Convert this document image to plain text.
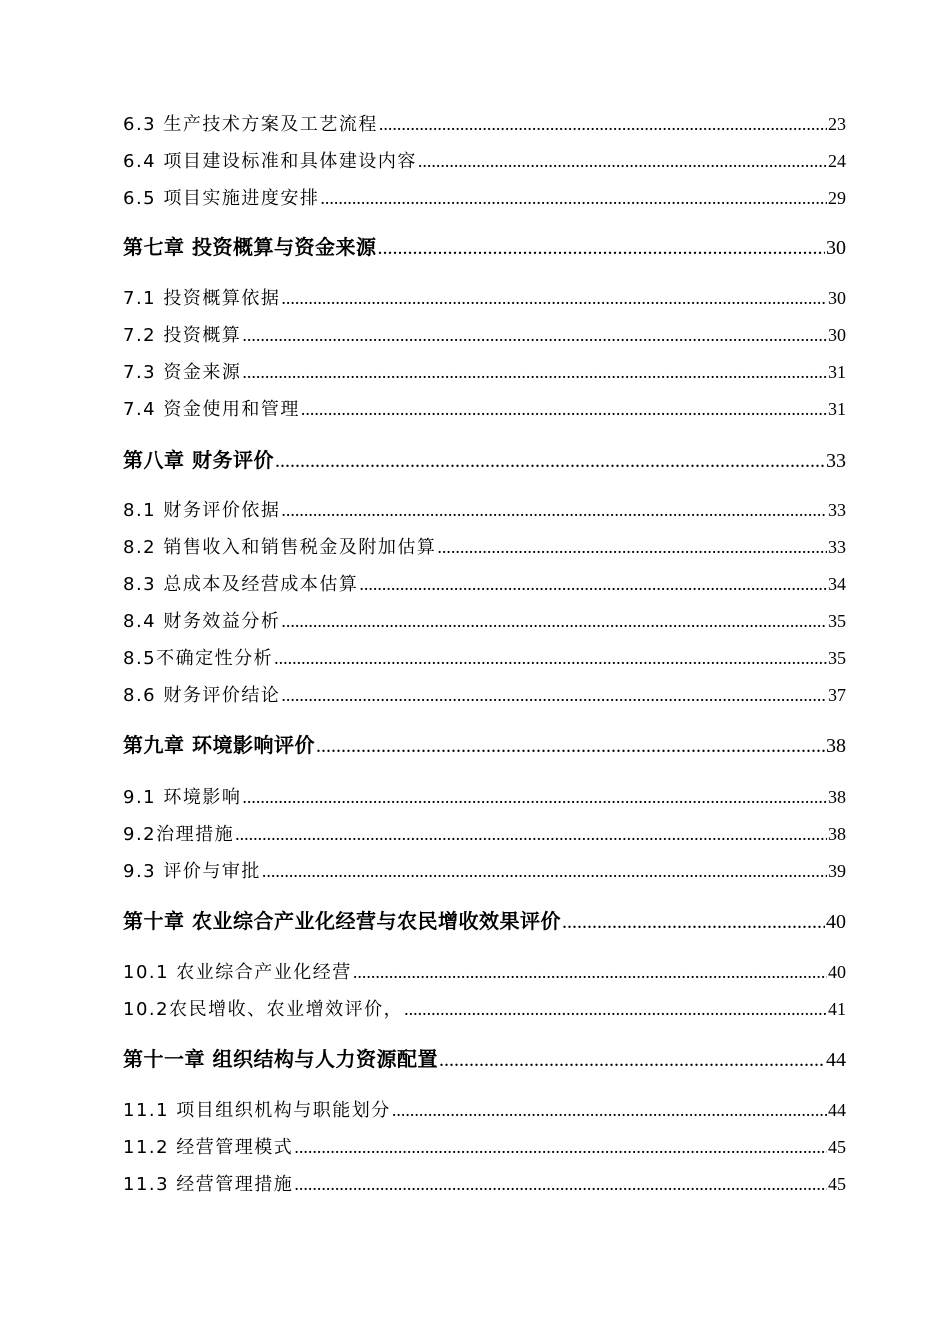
6.3 生产技术方案及工艺流程 .....	23
6.4 项目建设标准和具体建设内容 .....	24
6.5 项目实施进度安排 .....	29
第七章 投资概算与资金来源 .....	30
7.1 投资概算依据 .....	30
7.2 投资概算 .....	30
7.3 资金来源 .....	31
7.4 资金使用和管理 .....	31
第八章 财务评价 .....	33
8.1 财务评价依据 .....	33
8.2 销售收入和销售税金及附加估算 .....	33
8.3 总成本及经营成本估算 .....	34
8.4 财务效益分析 .....	35
8.5不确定性分析 .....	35
8.6 财务评价结论 .....	37
第九章 环境影响评价 .....	38
9.1 环境影响 .....	38
9.2治理措施 .....	38
9.3 评价与审批 .....	39
第十章 农业综合产业化经营与农民增收效果评价 .....	40
10.1 农业综合产业化经营 .....	40
10.2农民增收、农业增效评价， .....	41
第十一章 组织结构与人力资源配置 .....	44
11.1 项目组织机构与职能划分 .....	44
11.2 经营管理模式 .....	45
11.3 经营管理措施 .....	45
